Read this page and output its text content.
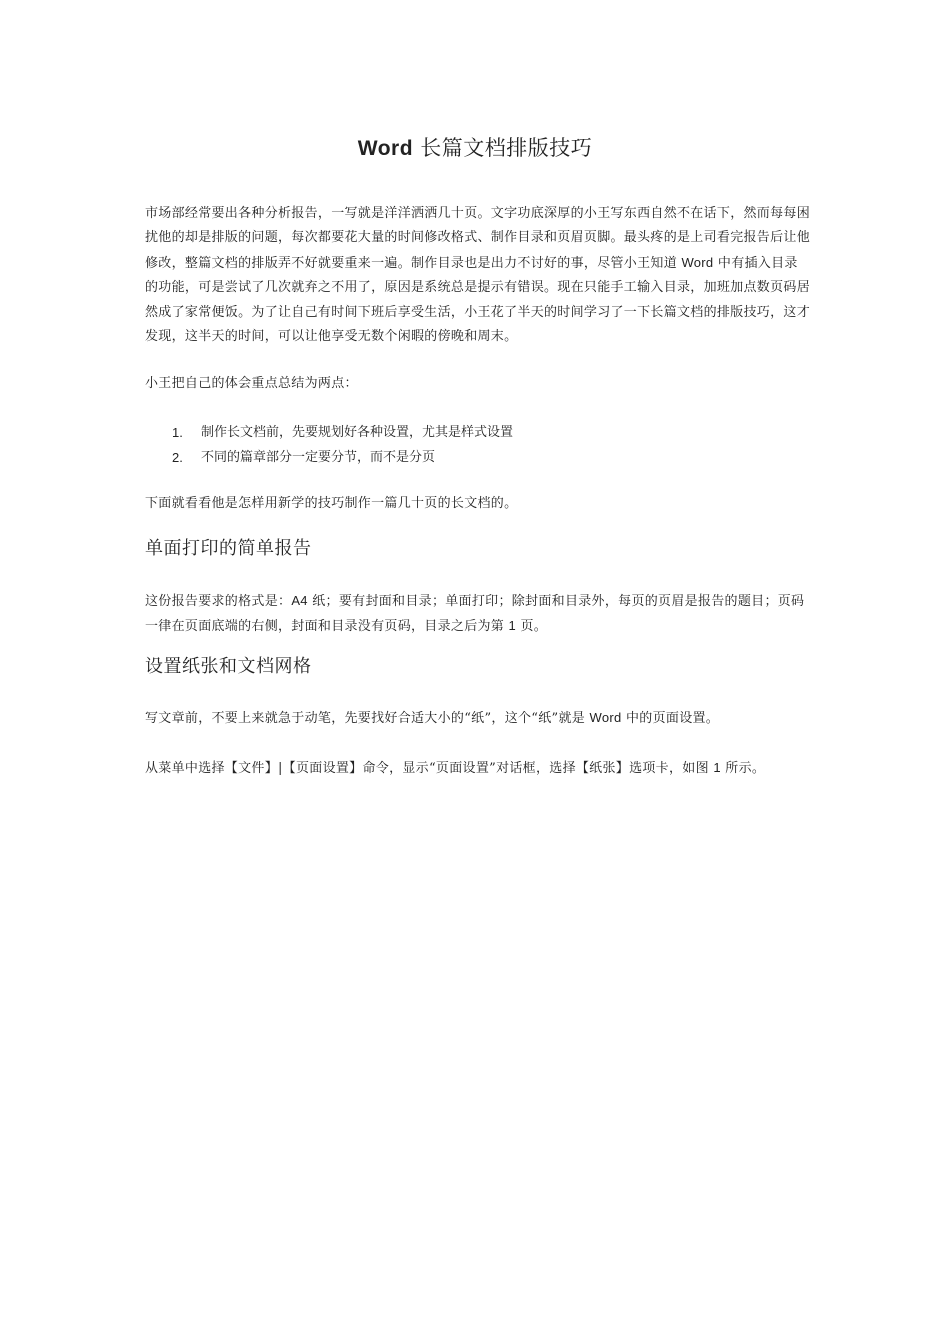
Word 长篇文档排版技巧

市场部经常要出各种分析报告，一写就是洋洋洒洒几十页。文字功底深厚的小王写东西自然不在话下，然而每每困扰他的却是排版的问题，每次都要花大量的时间修改格式、制作目录和页眉页脚。最头疼的是上司看完报告后让他修改，整篇文档的排版弄不好就要重来一遍。制作目录也是出力不讨好的事，尽管小王知道 Word 中有插入目录的功能，可是尝试了几次就弃之不用了，原因是系统总是提示有错误。现在只能手工输入目录，加班加点数页码居然成了家常便饭。为了让自己有时间下班后享受生活，小王花了半天的时间学习了一下长篇文档的排版技巧，这才发现，这半天的时间，可以让他享受无数个闲暇的傍晚和周末。

小王把自己的体会重点总结为两点：

1. 制作长文档前，先要规划好各种设置，尤其是样式设置
2. 不同的篇章部分一定要分节，而不是分页

下面就看看他是怎样用新学的技巧制作一篇几十页的长文档的。

单面打印的简单报告

这份报告要求的格式是：A4 纸；要有封面和目录；单面打印；除封面和目录外，每页的页眉是报告的题目；页码一律在页面底端的右侧，封面和目录没有页码，目录之后为第 1 页。

设置纸张和文档网格

写文章前，不要上来就急于动笔，先要找好合适大小的“纸”，这个“纸”就是 Word 中的页面设置。

从菜单中选择【文件】|【页面设置】命令，显示“页面设置”对话框，选择【纸张】选项卡，如图 1 所示。
